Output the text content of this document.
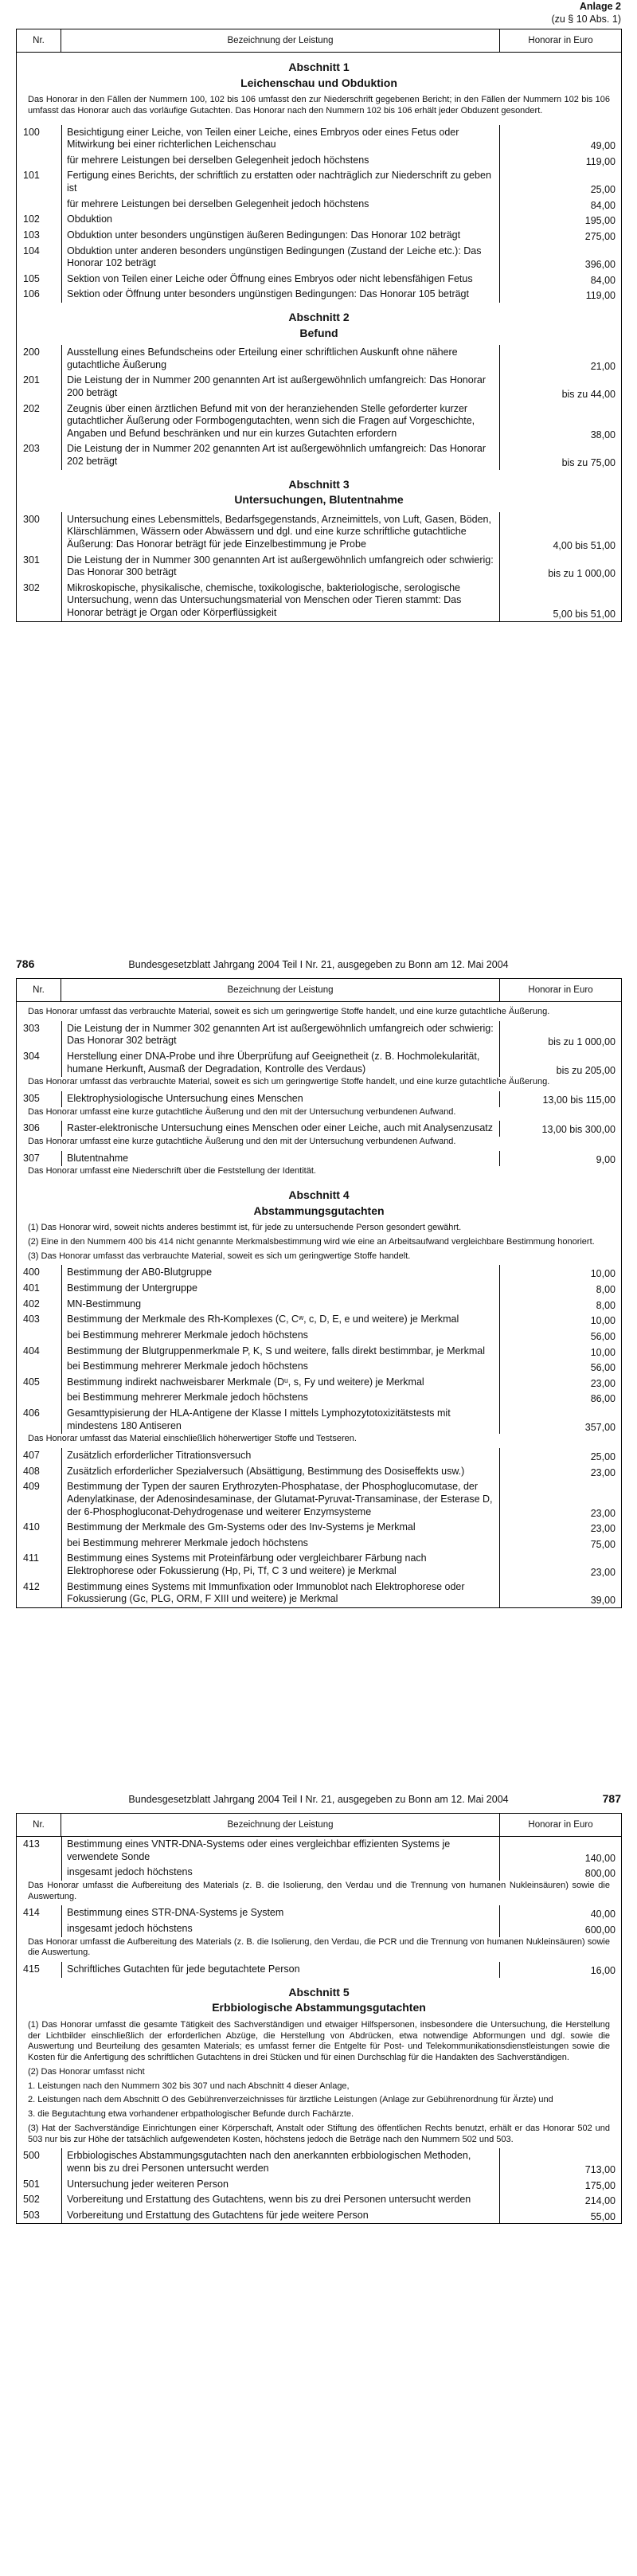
Anlage 2
(zu § 10 Abs. 1)
Nr.	Bezeichnung der Leistung	Honorar in Euro

Abschnitt 1
Leichenschau und Obduktion
Das Honorar in den Fällen der Nummern 100, 102 bis 106 umfasst den zur Niederschrift gegebenen Bericht; in den Fällen der Nummern 102 bis 106 umfasst das Honorar auch das vorläufige Gutachten. Das Honorar nach den Nummern 102 bis 106 erhält jeder Obduzent gesondert.
100	Besichtigung einer Leiche, von Teilen einer Leiche, eines Embryos oder eines Fetus oder Mitwirkung bei einer richterlichen Leichenschau	49,00
für mehrere Leistungen bei derselben Gelegenheit jedoch höchstens	119,00
101	Fertigung eines Berichts, der schriftlich zu erstatten oder nachträglich zur Niederschrift zu geben ist	25,00
für mehrere Leistungen bei derselben Gelegenheit jedoch höchstens	84,00
102	Obduktion	195,00
103	Obduktion unter besonders ungünstigen äußeren Bedingungen: Das Honorar 102 beträgt	275,00
104	Obduktion unter anderen besonders ungünstigen Bedingungen (Zustand der Leiche etc.): Das Honorar 102 beträgt	396,00
105	Sektion von Teilen einer Leiche oder Öffnung eines Embryos oder nicht lebensfähigen Fetus	84,00
106	Sektion oder Öffnung unter besonders ungünstigen Bedingungen: Das Honorar 105 beträgt	119,00
Abschnitt 2
Befund
200	Ausstellung eines Befundscheins oder Erteilung einer schriftlichen Auskunft ohne nähere gutachtliche Äußerung	21,00
201	Die Leistung der in Nummer 200 genannten Art ist außergewöhnlich umfangreich: Das Honorar 200 beträgt	bis zu 44,00
202	Zeugnis über einen ärztlichen Befund mit von der heranziehenden Stelle geforderter kurzer gutachtlicher Äußerung oder Formbogengutachten, wenn sich die Fragen auf Vorgeschichte, Angaben und Befund beschränken und nur ein kurzes Gutachten erfordern	38,00
203	Die Leistung der in Nummer 202 genannten Art ist außergewöhnlich umfangreich: Das Honorar 202 beträgt	bis zu 75,00
Abschnitt 3
Untersuchungen, Blutentnahme
300	Untersuchung eines Lebensmittels, Bedarfsgegenstands, Arzneimittels, von Luft, Gasen, Böden, Klärschlämmen, Wässern oder Abwässern und dgl. und eine kurze schriftliche gutachtliche Äußerung: Das Honorar beträgt für jede Einzelbestimmung je Probe	4,00 bis 51,00
301	Die Leistung der in Nummer 300 genannten Art ist außergewöhnlich umfangreich oder schwierig: Das Honorar 300 beträgt	bis zu 1 000,00
302	Mikroskopische, physikalische, chemische, toxikologische, bakteriologische, serologische Untersuchung, wenn das Untersuchungsmaterial von Menschen oder Tieren stammt: Das Honorar beträgt je Organ oder Körperflüssigkeit	5,00 bis 51,00
786	Bundesgesetzblatt Jahrgang 2004 Teil I Nr. 21, ausgegeben zu Bonn am 12. Mai 2004
Nr.	Bezeichnung der Leistung	Honorar in Euro

Das Honorar umfasst das verbrauchte Material, soweit es sich um geringwertige Stoffe handelt, und eine kurze gutachtliche Äußerung.
303	Die Leistung der in Nummer 302 genannten Art ist außergewöhnlich umfangreich oder schwierig: Das Honorar 302 beträgt	bis zu 1 000,00
304	Herstellung einer DNA-Probe und ihre Überprüfung auf Geeignetheit (z. B. Hochmolekularität, humane Herkunft, Ausmaß der Degradation, Kontrolle des Verdaus)	bis zu 205,00
Das Honorar umfasst das verbrauchte Material, soweit es sich um geringwertige Stoffe handelt, und eine kurze gutachtliche Äußerung.
305	Elektrophysiologische Untersuchung eines Menschen	13,00 bis 115,00
Das Honorar umfasst eine kurze gutachtliche Äußerung und den mit der Untersuchung verbundenen Aufwand.
306	Raster-elektronische Untersuchung eines Menschen oder einer Leiche, auch mit Analysenzusatz	13,00 bis 300,00
Das Honorar umfasst eine kurze gutachtliche Äußerung und den mit der Untersuchung verbundenen Aufwand.
307	Blutentnahme	9,00
Das Honorar umfasst eine Niederschrift über die Feststellung der Identität.
Abschnitt 4
Abstammungsgutachten
(1) Das Honorar wird, soweit nichts anderes bestimmt ist, für jede zu untersuchende Person gesondert gewährt.
(2) Eine in den Nummern 400 bis 414 nicht genannte Merkmalsbestimmung wird wie eine an Arbeitsaufwand vergleichbare Bestimmung honoriert.
(3) Das Honorar umfasst das verbrauchte Material, soweit es sich um geringwertige Stoffe handelt.
400	Bestimmung der AB0-Blutgruppe	10,00
401	Bestimmung der Untergruppe	8,00
402	MN-Bestimmung	8,00
403	Bestimmung der Merkmale des Rh-Komplexes (C, Cʷ, c, D, E, e und weitere) je Merkmal	10,00
bei Bestimmung mehrerer Merkmale jedoch höchstens	56,00
404	Bestimmung der Blutgruppenmerkmale P, K, S und weitere, falls direkt bestimmbar, je Merkmal	10,00
bei Bestimmung mehrerer Merkmale jedoch höchstens	56,00
405	Bestimmung indirekt nachweisbarer Merkmale (Dᵘ, s, Fy und weitere) je Merkmal	23,00
bei Bestimmung mehrerer Merkmale jedoch höchstens	86,00
406	Gesamttypisierung der HLA-Antigene der Klasse I mittels Lymphozytotoxizitätstests mit mindestens 180 Antiseren	357,00
Das Honorar umfasst das Material einschließlich höherwertiger Stoffe und Testseren.
407	Zusätzlich erforderlicher Titrationsversuch	25,00
408	Zusätzlich erforderlicher Spezialversuch (Absättigung, Bestimmung des Dosiseffekts usw.)	23,00
409	Bestimmung der Typen der sauren Erythrozyten-Phosphatase, der Phosphoglucomutase, der Adenylatkinase, der Adenosindesaminase, der Glutamat-Pyruvat-Transaminase, der Esterase D, der 6-Phosphogluconat-Dehydrogenase und weiterer Enzymsysteme	23,00
410	Bestimmung der Merkmale des Gm-Systems oder des Inv-Systems je Merkmal	23,00
bei Bestimmung mehrerer Merkmale jedoch höchstens	75,00
411	Bestimmung eines Systems mit Proteinfärbung oder vergleichbarer Färbung nach Elektrophorese oder Fokussierung (Hp, Pi, Tf, C 3 und weitere) je Merkmal	23,00
412	Bestimmung eines Systems mit Immunfixation oder Immunoblot nach Elektrophorese oder Fokussierung (Gc, PLG, ORM, F XIII und weitere) je Merkmal	39,00
Bundesgesetzblatt Jahrgang 2004 Teil I Nr. 21, ausgegeben zu Bonn am 12. Mai 2004	787
Nr.	Bezeichnung der Leistung	Honorar in Euro

413	Bestimmung eines VNTR-DNA-Systems oder eines vergleichbar effizienten Systems je verwendete Sonde	140,00
insgesamt jedoch höchstens	800,00
Das Honorar umfasst die Aufbereitung des Materials (z. B. die Isolierung, den Verdau und die Trennung von humanen Nukleinsäuren) sowie die Auswertung.
414	Bestimmung eines STR-DNA-Systems je System	40,00
insgesamt jedoch höchstens	600,00
Das Honorar umfasst die Aufbereitung des Materials (z. B. die Isolierung, den Verdau, die PCR und die Trennung von humanen Nukleinsäuren) sowie die Auswertung.
415	Schriftliches Gutachten für jede begutachtete Person	16,00
Abschnitt 5
Erbbiologische Abstammungsgutachten
(1) Das Honorar umfasst die gesamte Tätigkeit des Sachverständigen und etwaiger Hilfspersonen, insbesondere die Untersuchung, die Herstellung der Lichtbilder einschließlich der erforderlichen Abzüge, die Herstellung von Abdrücken, etwa notwendige Abformungen und dgl. sowie die Auswertung und Beurteilung des gesamten Materials; es umfasst ferner die Entgelte für Post- und Telekommunikationsdienstleistungen sowie die Kosten für die Anfertigung des schriftlichen Gutachtens in drei Stücken und für einen Durchschlag für die Handakten des Sachverständigen.
(2) Das Honorar umfasst nicht
1. Leistungen nach den Nummern 302 bis 307 und nach Abschnitt 4 dieser Anlage,
2. Leistungen nach dem Abschnitt O des Gebührenverzeichnisses für ärztliche Leistungen (Anlage zur Gebührenordnung für Ärzte) und
3. die Begutachtung etwa vorhandener erbpathologischer Befunde durch Fachärzte.
(3) Hat der Sachverständige Einrichtungen einer Körperschaft, Anstalt oder Stiftung des öffentlichen Rechts benutzt, erhält er das Honorar 502 und 503 nur bis zur Höhe der tatsächlich aufgewendeten Kosten, höchstens jedoch die Beträge nach den Nummern 502 und 503.
500	Erbbiologisches Abstammungsgutachten nach den anerkannten erbbiologischen Methoden, wenn bis zu drei Personen untersucht werden	713,00
501	Untersuchung jeder weiteren Person	175,00
502	Vorbereitung und Erstattung des Gutachtens, wenn bis zu drei Personen untersucht werden	214,00
503	Vorbereitung und Erstattung des Gutachtens für jede weitere Person	55,00
